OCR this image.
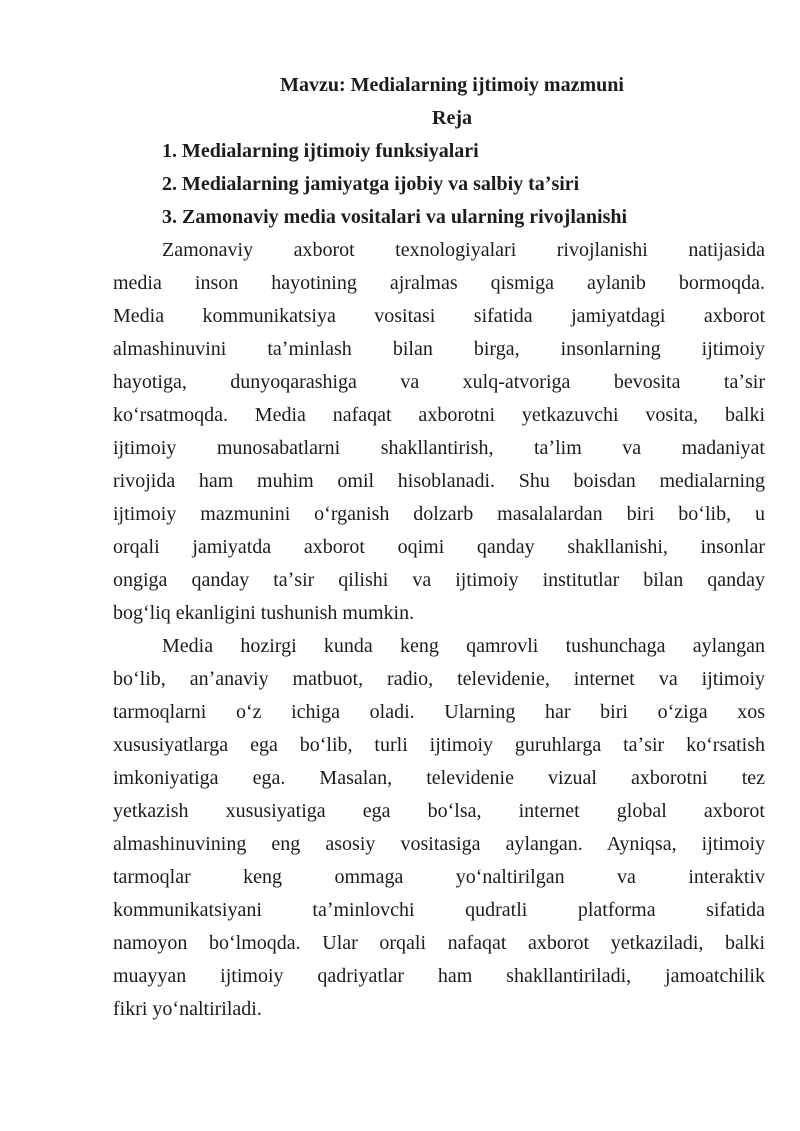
Mavzu: Medialarning ijtimoiy mazmuni
Reja
1. Medialarning ijtimoiy funksiyalari
2. Medialarning jamiyatga ijobiy va salbiy taʼsiri
3. Zamonaviy media vositalari va ularning rivojlanishi
Zamonaviy axborot texnologiyalari rivojlanishi natijasida
media inson hayotining ajralmas qismiga aylanib bormoqda.
Media kommunikatsiya vositasi sifatida jamiyatdagi axborot
almashinuvini taʼminlash bilan birga, insonlarning ijtimoiy
hayotiga, dunyoqarashiga va xulq-atvoriga bevosita taʼsir
koʻrsatmoqda. Media nafaqat axborotni yetkazuvchi vosita, balki
ijtimoiy munosabatlarni shakllantirish, taʼlim va madaniyat
rivojida ham muhim omil hisoblanadi. Shu boisdan medialarning
ijtimoiy mazmunini oʻrganish dolzarb masalalardan biri boʻlib, u
orqali jamiyatda axborot oqimi qanday shakllanishi, insonlar
ongiga qanday taʼsir qilishi va ijtimoiy institutlar bilan qanday
bogʻliq ekanligini tushunish mumkin.
Media hozirgi kunda keng qamrovli tushunchaga aylangan
boʻlib, anʼanaviy matbuot, radio, televidenie, internet va ijtimoiy
tarmoqlarni oʻz ichiga oladi. Ularning har biri oʻziga xos
xususiyatlarga ega boʻlib, turli ijtimoiy guruhlarga taʼsir koʻrsatish
imkoniyatiga ega. Masalan, televidenie vizual axborotni tez
yetkazish xususiyatiga ega boʻlsa, internet global axborot
almashinuvining eng asosiy vositasiga aylangan. Ayniqsa, ijtimoiy
tarmoqlar keng ommaga yoʻnaltirilgan va interaktiv
kommunikatsiyani taʼminlovchi qudratli platforma sifatida
namoyon boʻlmoqda. Ular orqali nafaqat axborot yetkaziladi, balki
muayyan ijtimoiy qadriyatlar ham shakllantiriladi, jamoatchilik
fikri yoʻnaltiriladi.
